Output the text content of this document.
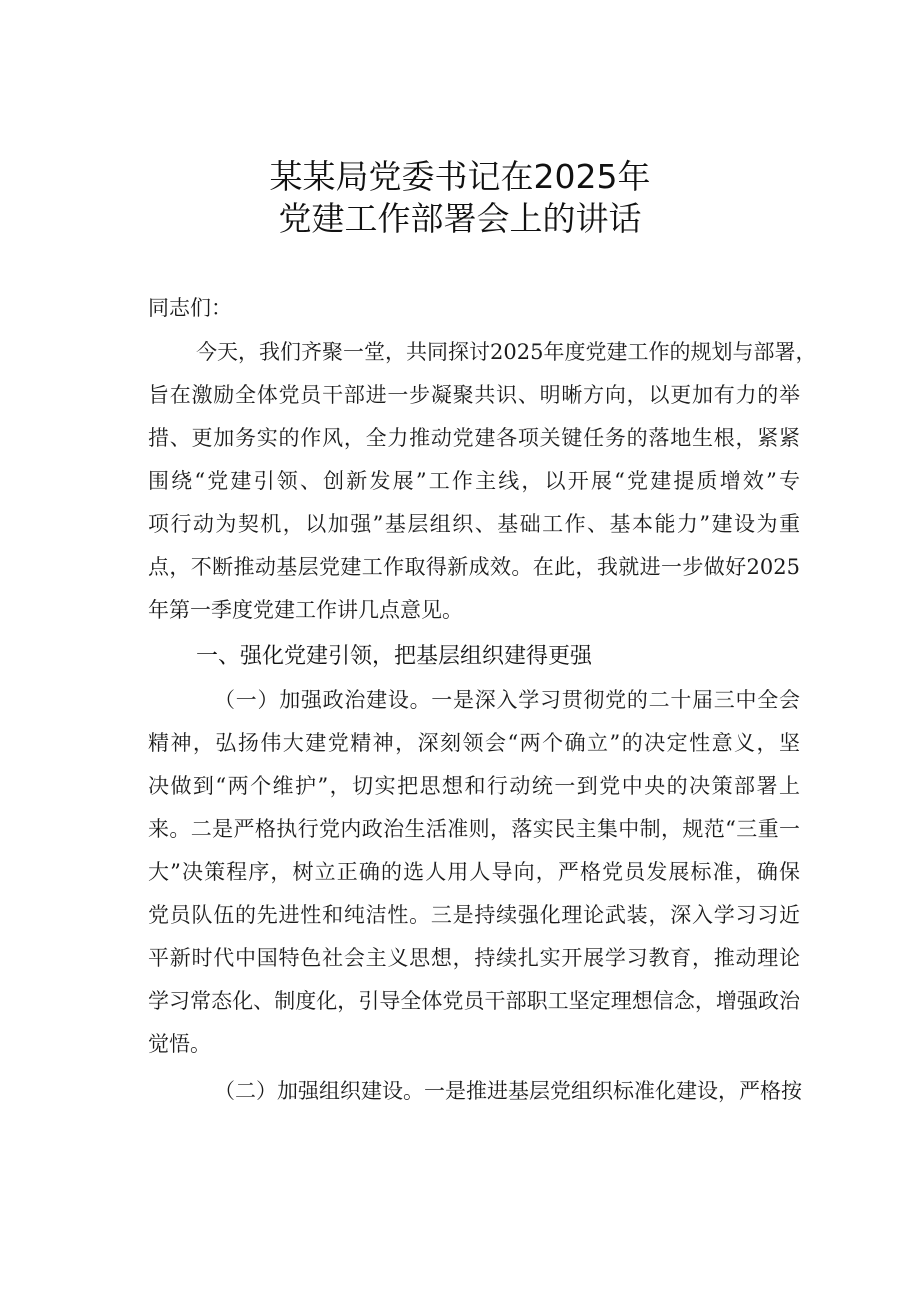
某某局党委书记在2025年
党建工作部署会上的讲话
同志们：
今天，我们齐聚一堂，共同探讨2025年度党建工作的规划与部署，
旨在激励全体党员干部进一步凝聚共识、明晰方向，以更加有力的举
措、更加务实的作风，全力推动党建各项关键任务的落地生根，紧紧
围绕“党建引领、创新发展”工作主线，以开展“党建提质增效”专
项行动为契机，以加强”基层组织、基础工作、基本能力”建设为重
点，不断推动基层党建工作取得新成效。在此，我就进一步做好2025
年第一季度党建工作讲几点意见。
一、强化党建引领，把基层组织建得更强
（一）加强政治建设。一是深入学习贯彻党的二十届三中全会
精神，弘扬伟大建党精神，深刻领会“两个确立”的决定性意义，坚
决做到“两个维护”，切实把思想和行动统一到党中央的决策部署上
来。二是严格执行党内政治生活准则，落实民主集中制，规范“三重一
大”决策程序，树立正确的选人用人导向，严格党员发展标准，确保
党员队伍的先进性和纯洁性。三是持续强化理论武装，深入学习习近
平新时代中国特色社会主义思想，持续扎实开展学习教育，推动理论
学习常态化、制度化，引导全体党员干部职工坚定理想信念，增强政治
觉悟。
（二）加强组织建设。一是推进基层党组织标准化建设，严格按
